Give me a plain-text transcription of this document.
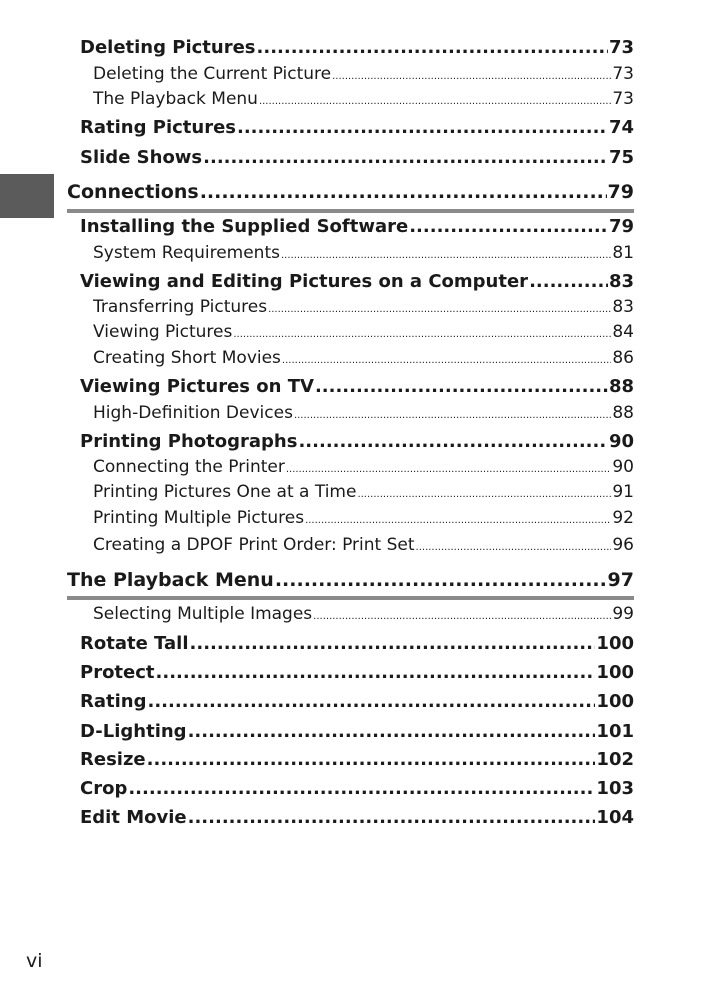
Deleting Pictures .....	73
Deleting the Current Picture .....	73
The Playback Menu .....	73
Rating Pictures .....	74
Slide Shows .....	75
Connections .....	79
Installing the Supplied Software .....	79
System Requirements .....	81
Viewing and Editing Pictures on a Computer .....	83
Transferring Pictures .....	83
Viewing Pictures .....	84
Creating Short Movies .....	86
Viewing Pictures on TV .....	88
High-Definition Devices .....	88
Printing Photographs .....	90
Connecting the Printer .....	90
Printing Pictures One at a Time .....	91
Printing Multiple Pictures .....	92
Creating a DPOF Print Order: Print Set .....	96
The Playback Menu .....	97
Selecting Multiple Images .....	99
Rotate Tall .....	100
Protect .....	100
Rating .....	100
D-Lighting .....	101
Resize .....	102
Crop .....	103
Edit Movie .....	104
vi
